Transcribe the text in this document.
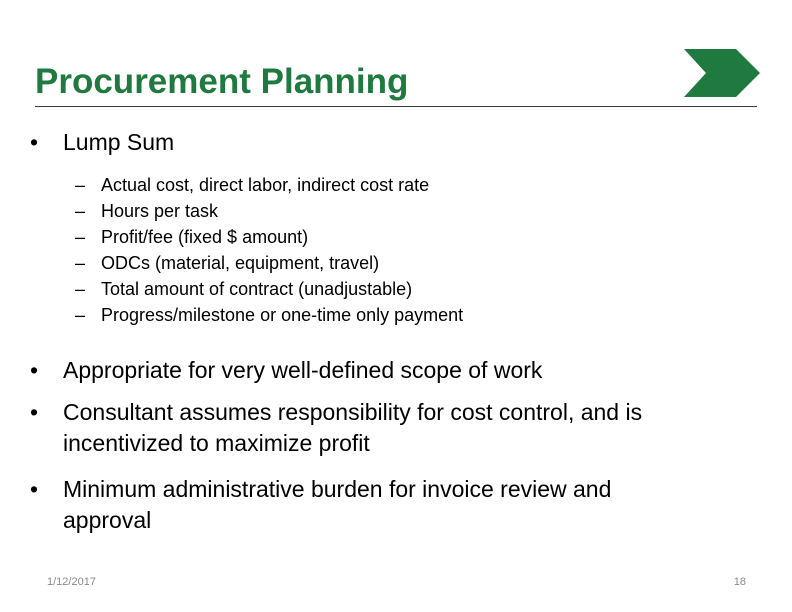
Procurement Planning
•	Lump Sum
– Actual cost, direct labor, indirect cost rate
– Hours per task
– Profit/fee (fixed $ amount)
– ODCs (material, equipment, travel)
– Total amount of contract (unadjustable)
– Progress/milestone or one-time only payment
•	Appropriate for very well-defined scope of work
•	Consultant assumes responsibility for cost control, and is
incentivized to maximize profit
•	Minimum administrative burden for invoice review and
approval
1/12/2017	18
